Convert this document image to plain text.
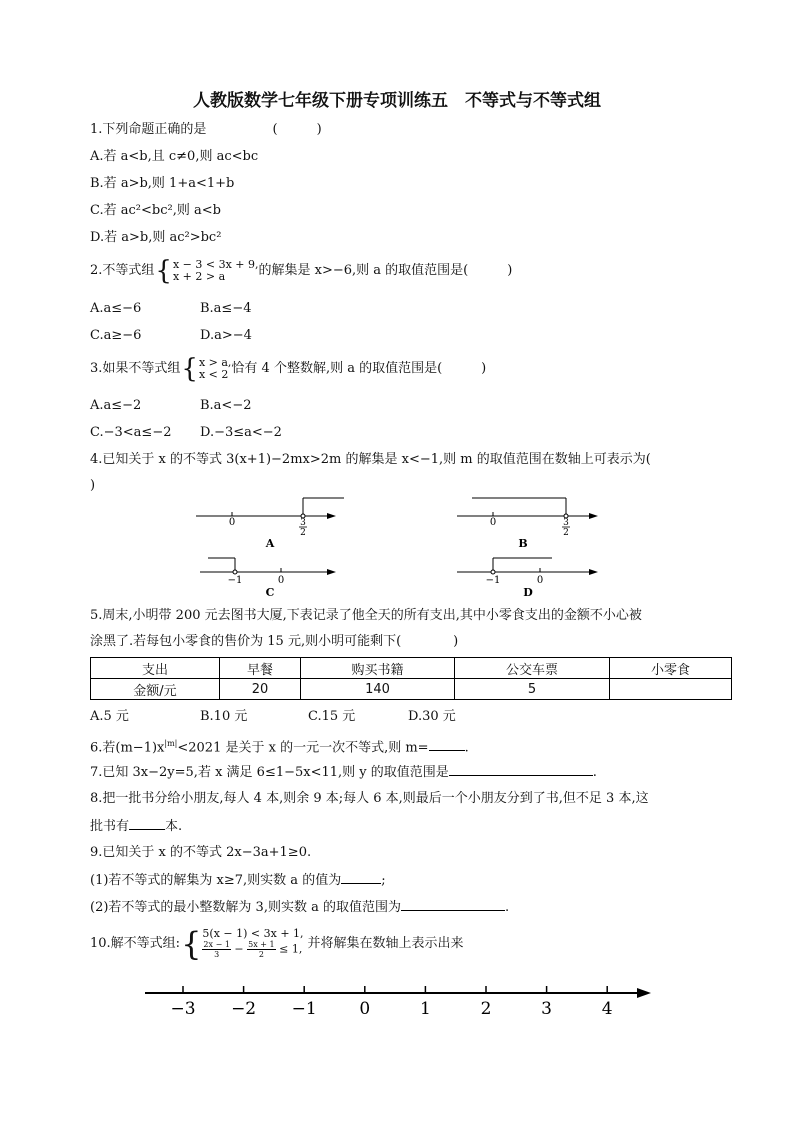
人教版数学七年级下册专项训练五　不等式与不等式组
1.下列命题正确的是	(　　　)
A.若 a<b,且 c≠0,则 ac<bc
B.若 a>b,则 1+a<1+b
C.若 ac²<bc²,则 a<b
D.若 a>b,则 ac²>bc²
2.不等式组{x − 3 < 3x + 9,
x + 2 > a	的解集是 x>−6,则 a 的取值范围是(　　　)
A.a≤−6	B.a≤−4
C.a≥−6	D.a>−4
3.如果不等式组{x > a,
x < 2 恰有 4 个整数解,则 a 的取值范围是(　　　)
A.a≤−2	B.a<−2
C.−3<a≤−2 D.−3≤a<−2
4.已知关于 x 的不等式 3(x+1)−2mx>2m 的解集是 x<−1,则 m 的取值范围在数轴上可表示为(
)
0	3
2
A
0	3
2
B
−1	0	−1	0
C	D
5.周末,小明带 200 元去图书大厦,下表记录了他全天的所有支出,其中小零食支出的金额不小心被
涂黑了.若每包小零食的售价为 15 元,则小明可能剩下(　　　　)
支出	早餐	购买书籍	公交车票	小零食
金额/元	20	140	5	
A.5 元	B.10 元	C.15 元	D.30 元
6.若$(m-1)x^{|m|}<2021$ 是关于 x 的一元一次不等式,则 m=	.
7.已知 3x−2y=5,若 x 满足 6≤1−5x<11,则 y 的取值范围是	.
8.把一批书分给小朋友,每人 4 本,则余 9 本;每人 6 本,则最后一个小朋友分到了书,但不足 3 本,这
批书有	本.
9.已知关于 x 的不等式 2x−3a+1≥0.
(1)若不等式的解集为 x≥7,则实数 a 的值为	;
(2)若不等式的最小整数解为 3,则实数 a 的取值范围为	.
10.解不等式组:{5(x − 1) < 3x + 1,

$\frac{2x - 1}{3} - \frac{5x + 1}{2} \le 1$, 并将解集在数轴上表示出来
−3 −2 −1	0	1	2	3	4
